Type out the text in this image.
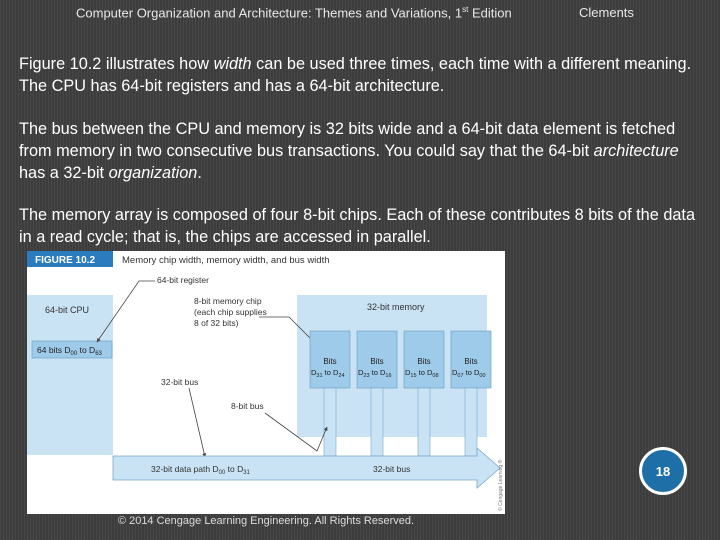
Computer Organization and Architecture: Themes and Variations, 1st Edition	Clements

Figure 10.2 illustrates how width can be used three times, each time with a different meaning. The CPU has 64-bit registers and has a 64-bit architecture.

The bus between the CPU and memory is 32 bits wide and a 64-bit data element is fetched from memory in two consecutive bus transactions. You could say that the 64-bit architecture has a 32-bit organization.

The memory array is composed of four 8-bit chips. Each of these contributes 8 bits of the data in a read cycle; that is, the chips are accessed in parallel.

FIGURE 10.2	Memory chip width, memory width, and bus width
64-bit CPU
64 bits $D_{00}$ to $D_{63}$
64-bit register
32-bit memory
8-bit memory chip (each chip supplies 8 of 32 bits)
Bits
$D_{31}$ to $D_{24}$
Bits
$D_{23}$ to $D_{16}$
Bits
$D_{15}$ to $D_{08}$
Bits
$D_{07}$ to $D_{00}$
32-bit bus
8-bit bus
32-bit data path $D_{00}$ to $D_{31}$	32-bit bus	© Cengage Learning ®
© 2014 Cengage Learning Engineering. All Rights Reserved.
18
